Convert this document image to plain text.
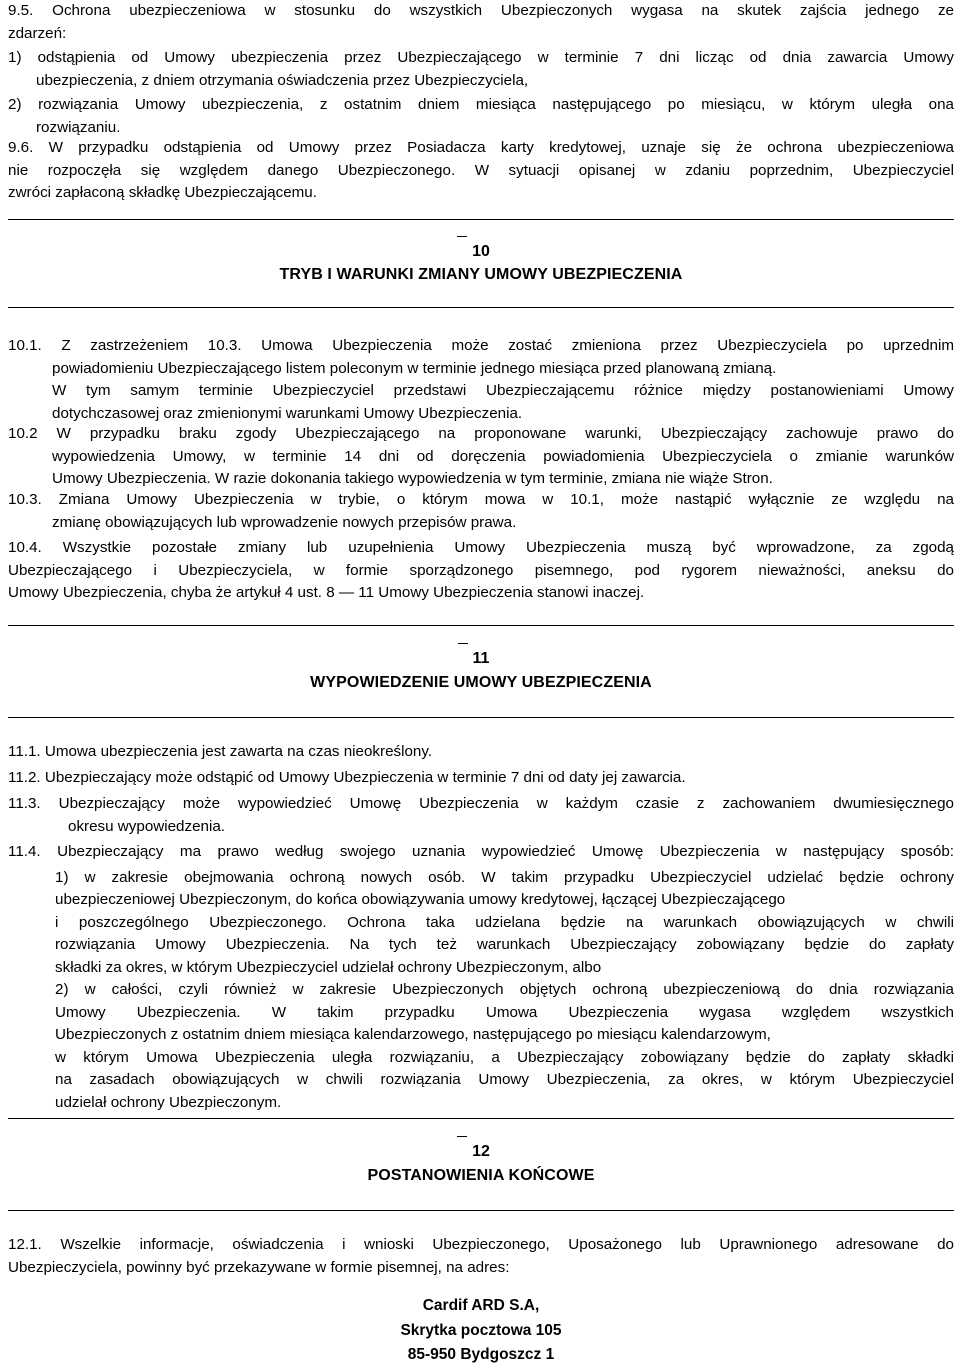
9.5. Ochrona ubezpieczeniowa w stosunku do wszystkich Ubezpieczonych wygasa na skutek zajścia jednego ze
zdarzeń:
1) odstąpienia od Umowy ubezpieczenia przez Ubezpieczającego w terminie 7 dni licząc od dnia zawarcia Umowy
ubezpieczenia, z dniem otrzymania oświadczenia przez Ubezpieczyciela,
2) rozwiązania Umowy ubezpieczenia, z ostatnim dniem miesiąca następującego po miesiącu, w którym uległa ona
rozwiązaniu.
9.6. W przypadku odstąpienia od Umowy przez Posiadacza karty kredytowej, uznaje się że ochrona ubezpieczeniowa
nie rozpoczęła się względem danego Ubezpieczonego. W sytuacji opisanej w zdaniu poprzednim, Ubezpieczyciel
zwróci zapłaconą składkę Ubezpieczającemu.
10
TRYB I WARUNKI ZMIANY UMOWY UBEZPIECZENIA
10.1. Z zastrzeżeniem 10.3. Umowa Ubezpieczenia może zostać zmieniona przez Ubezpieczyciela po uprzednim
powiadomieniu Ubezpieczającego listem poleconym w terminie jednego miesiąca przed planowaną zmianą.
W tym samym terminie Ubezpieczyciel przedstawi Ubezpieczającemu różnice między postanowieniami Umowy
dotychczasowej oraz zmienionymi warunkami Umowy Ubezpieczenia.
10.2 W przypadku braku zgody Ubezpieczającego na proponowane warunki, Ubezpieczający zachowuje prawo do
wypowiedzenia Umowy, w terminie 14 dni od doręczenia powiadomienia Ubezpieczyciela o zmianie warunków
Umowy Ubezpieczenia. W razie dokonania takiego wypowiedzenia w tym terminie, zmiana nie wiąże Stron.
10.3. Zmiana Umowy Ubezpieczenia w trybie, o którym mowa w 10.1, może nastąpić wyłącznie ze względu na
zmianę obowiązujących lub wprowadzenie nowych przepisów prawa.
10.4. Wszystkie pozostałe zmiany lub uzupełnienia Umowy Ubezpieczenia muszą być wprowadzone, za zgodą
Ubezpieczającego i Ubezpieczyciela, w formie sporządzonego pisemnego, pod rygorem nieważności, aneksu do
Umowy Ubezpieczenia, chyba że artykuł 4 ust. 8 — 11 Umowy Ubezpieczenia stanowi inaczej.
11
WYPOWIEDZENIE UMOWY UBEZPIECZENIA
11.1. Umowa ubezpieczenia jest zawarta na czas nieokreślony.
11.2. Ubezpieczający może odstąpić od Umowy Ubezpieczenia w terminie 7 dni od daty jej zawarcia.
11.3. Ubezpieczający może wypowiedzieć Umowę Ubezpieczenia w każdym czasie z zachowaniem dwumiesięcznego
okresu wypowiedzenia.
11.4. Ubezpieczający ma prawo według swojego uznania wypowiedzieć Umowę Ubezpieczenia w następujący sposób:
1) w zakresie obejmowania ochroną nowych osób. W takim przypadku Ubezpieczyciel udzielać będzie ochrony
ubezpieczeniowej Ubezpieczonym, do końca obowiązywania umowy kredytowej, łączącej Ubezpieczającego
i poszczególnego Ubezpieczonego. Ochrona taka udzielana będzie na warunkach obowiązujących w chwili
rozwiązania Umowy Ubezpieczenia. Na tych też warunkach Ubezpieczający zobowiązany będzie do zapłaty
składki za okres, w którym Ubezpieczyciel udzielał ochrony Ubezpieczonym, albo
2) w całości, czyli również w zakresie Ubezpieczonych objętych ochroną ubezpieczeniową do dnia rozwiązania
Umowy Ubezpieczenia. W takim przypadku Umowa Ubezpieczenia wygasa względem wszystkich
Ubezpieczonych z ostatnim dniem miesiąca kalendarzowego, następującego po miesiącu kalendarzowym,
w którym Umowa Ubezpieczenia uległa rozwiązaniu, a Ubezpieczający zobowiązany będzie do zapłaty składki
na zasadach obowiązujących w chwili rozwiązania Umowy Ubezpieczenia, za okres, w którym Ubezpieczyciel
udzielał ochrony Ubezpieczonym.
12
POSTANOWIENIA KOŃCOWE
12.1. Wszelkie informacje, oświadczenia i wnioski Ubezpieczonego, Uposażonego lub Uprawnionego adresowane do
Ubezpieczyciela, powinny być przekazywane w formie pisemnej, na adres:
Cardif ARD S.A,
Skrytka pocztowa 105
85-950 Bydgoszcz 1
